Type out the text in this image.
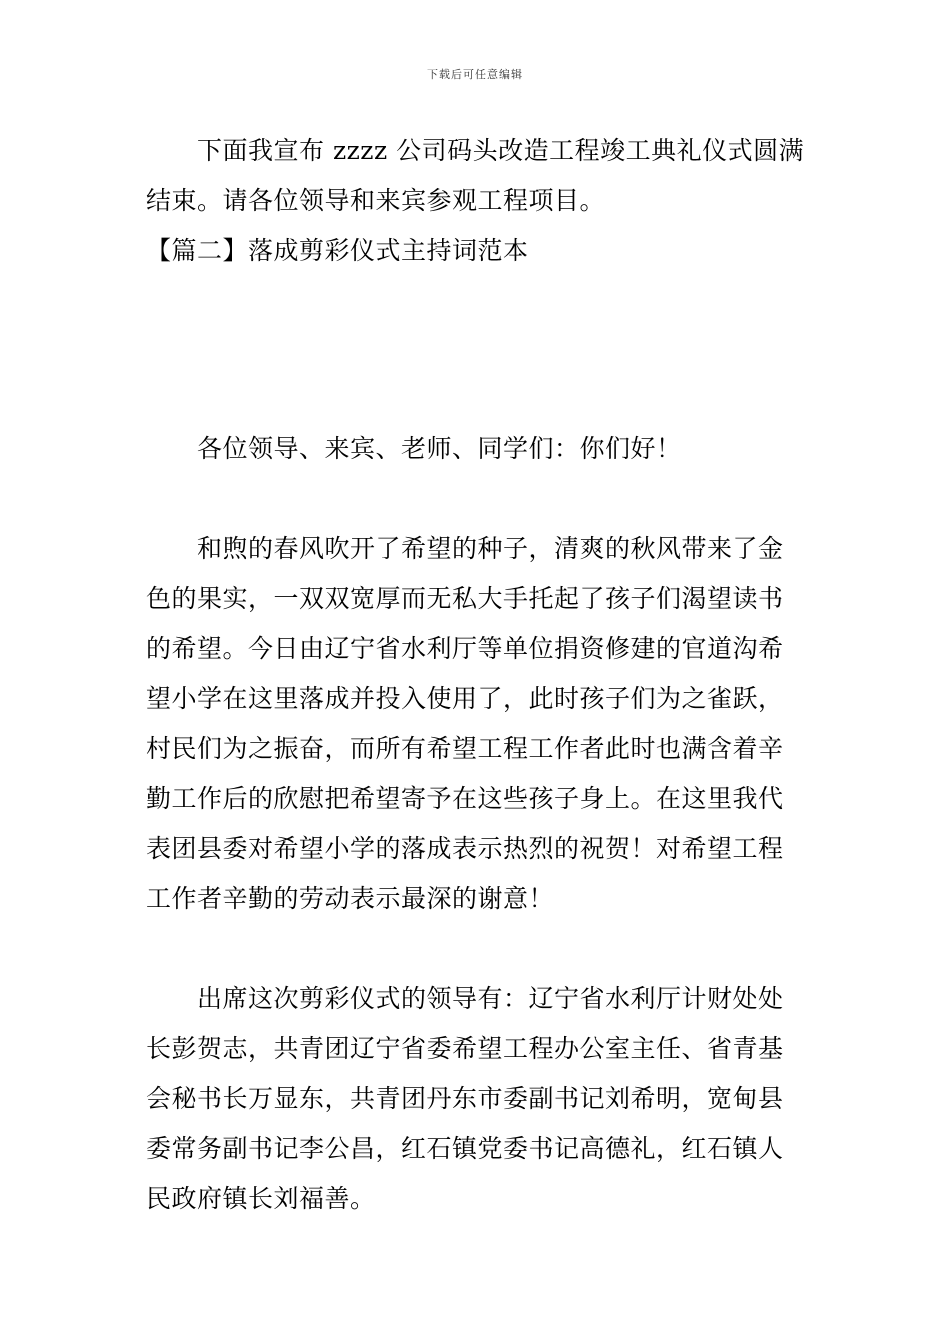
下载后可任意编辑
下面我宣布 zzzz 公司码头改造工程竣工典礼仪式圆满
结束。请各位领导和来宾参观工程项目。
【篇二】落成剪彩仪式主持词范本
各位领导、来宾、老师、同学们：你们好！
和煦的春风吹开了希望的种子，清爽的秋风带来了金
色的果实，一双双宽厚而无私大手托起了孩子们渴望读书
的希望。今日由辽宁省水利厅等单位捐资修建的官道沟希
望小学在这里落成并投入使用了，此时孩子们为之雀跃，
村民们为之振奋，而所有希望工程工作者此时也满含着辛
勤工作后的欣慰把希望寄予在这些孩子身上。在这里我代
表团县委对希望小学的落成表示热烈的祝贺！对希望工程
工作者辛勤的劳动表示最深的谢意！
出席这次剪彩仪式的领导有：辽宁省水利厅计财处处
长彭贺志，共青团辽宁省委希望工程办公室主任、省青基
会秘书长万显东，共青团丹东市委副书记刘希明，宽甸县
委常务副书记李公昌，红石镇党委书记高德礼，红石镇人
民政府镇长刘福善。
